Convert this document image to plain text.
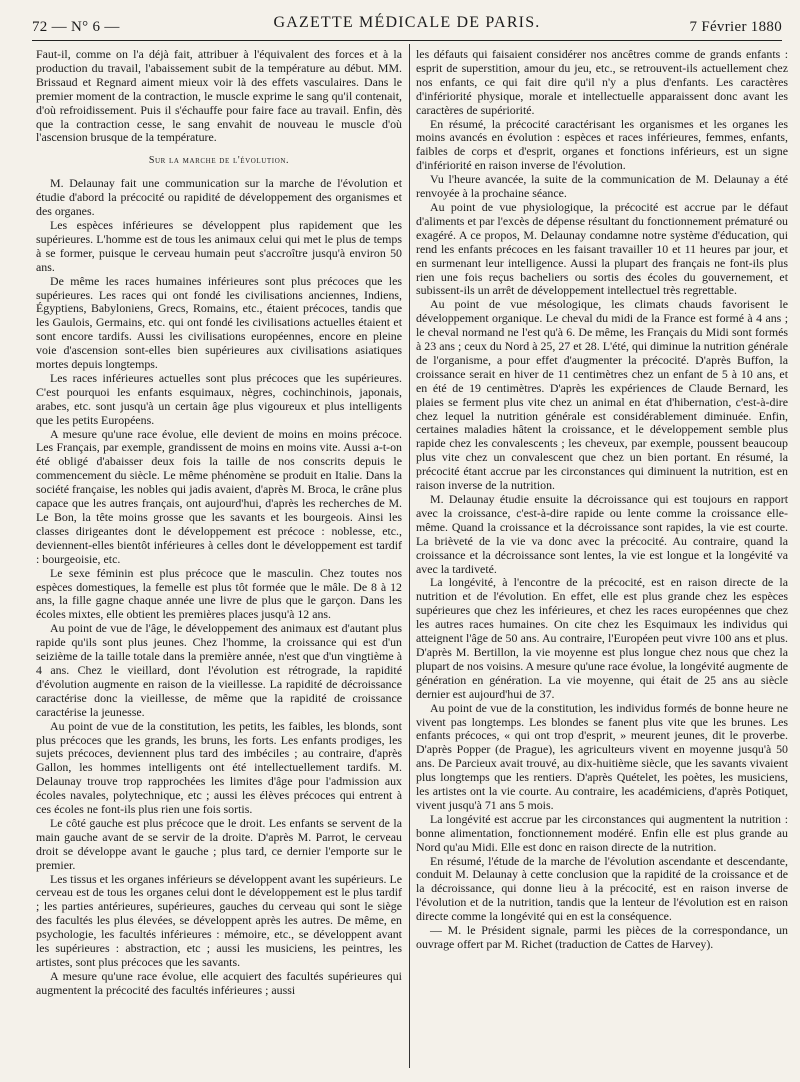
72 — N° 6 —	GAZETTE MÉDICALE DE PARIS.	7 Février 1880

Faut-il, comme on l'a déjà fait, attribuer à l'équivalent des forces et à la production du travail, l'abaissement subit de la température au début. MM. Brissaud et Regnard aiment mieux voir là des effets vasculaires. Dans le premier moment de la contraction, le muscle exprime le sang qu'il contenait, d'où refroidissement. Puis il s'échauffe pour faire face au travail. Enfin, dès que la contraction cesse, le sang envahit de nouveau le muscle d'où l'ascension brusque de la température.

Sur la marche de l'évolution.

M. Delaunay fait une communication sur la marche de l'évolution et étudie d'abord la précocité ou rapidité de développement des organismes et des organes.

Les espèces inférieures se développent plus rapidement que les supérieures. L'homme est de tous les animaux celui qui met le plus de temps à se former, puisque le cerveau humain peut s'accroître jusqu'à environ 50 ans.

De même les races humaines inférieures sont plus précoces que les supérieures. Les races qui ont fondé les civilisations anciennes, Indiens, Égyptiens, Babyloniens, Grecs, Romains, etc., étaient précoces, tandis que les Gaulois, Germains, etc. qui ont fondé les civilisations actuelles étaient et sont encore tardifs. Aussi les civilisations européennes, encore en pleine voie d'ascension sont-elles bien supérieures aux civilisations asiatiques mortes depuis longtemps.

Les races inférieures actuelles sont plus précoces que les supérieures. C'est pourquoi les enfants esquimaux, nègres, cochinchinois, japonais, arabes, etc. sont jusqu'à un certain âge plus vigoureux et plus intelligents que les petits Européens.

A mesure qu'une race évolue, elle devient de moins en moins précoce. Les Français, par exemple, grandissent de moins en moins vite. Aussi a-t-on été obligé d'abaisser deux fois la taille de nos conscrits depuis le commencement du siècle. Le même phénomène se produit en Italie. Dans la société française, les nobles qui jadis avaient, d'après M. Broca, le crâne plus capace que les autres français, ont aujourd'hui, d'après les recherches de M. Le Bon, la tête moins grosse que les savants et les bourgeois. Ainsi les classes dirigeantes dont le développement est précoce : noblesse, etc., deviennent-elles bientôt inférieures à celles dont le développement est tardif : bourgeoisie, etc.

Le sexe féminin est plus précoce que le masculin. Chez toutes nos espèces domestiques, la femelle est plus tôt formée que le mâle. De 8 à 12 ans, la fille gagne chaque année une livre de plus que le garçon. Dans les écoles mixtes, elle obtient les premières places jusqu'à 12 ans.

Au point de vue de l'âge, le développement des animaux est d'autant plus rapide qu'ils sont plus jeunes. Chez l'homme, la croissance qui est d'un seizième de la taille totale dans la première année, n'est que d'un vingtième à 4 ans. Chez le vieillard, dont l'évolution est rétrograde, la rapidité d'évolution augmente en raison de la vieillesse. La rapidité de décroissance caractérise donc la vieillesse, de même que la rapidité de croissance caractérise la jeunesse.

Au point de vue de la constitution, les petits, les faibles, les blonds, sont plus précoces que les grands, les bruns, les forts. Les enfants prodiges, les sujets précoces, deviennent plus tard des imbéciles ; au contraire, d'après Gallon, les hommes intelligents ont été intellectuellement tardifs. M. Delaunay trouve trop rapprochées les limites d'âge pour l'admission aux écoles navales, polytechnique, etc ; aussi les élèves précoces qui entrent à ces écoles ne font-ils plus rien une fois sortis.

Le côté gauche est plus précoce que le droit. Les enfants se servent de la main gauche avant de se servir de la droite. D'après M. Parrot, le cerveau droit se développe avant le gauche ; plus tard, ce dernier l'emporte sur le premier.

Les tissus et les organes inférieurs se développent avant les supérieurs. Le cerveau est de tous les organes celui dont le développement est le plus tardif ; les parties antérieures, supérieures, gauches du cerveau qui sont le siège des facultés les plus élevées, se développent après les autres. De même, en psychologie, les facultés inférieures : mémoire, etc., se développent avant les supérieures : abstraction, etc ; aussi les musiciens, les peintres, les artistes, sont plus précoces que les savants.

A mesure qu'une race évolue, elle acquiert des facultés supérieures qui augmentent la précocité des facultés inférieures ; aussi

les défauts qui faisaient considérer nos ancêtres comme de grands enfants : esprit de superstition, amour du jeu, etc., se retrouvent-ils actuellement chez nos enfants, ce qui fait dire qu'il n'y a plus d'enfants. Les caractères d'infériorité physique, morale et intellectuelle apparaissent donc avant les caractères de supériorité.

En résumé, la précocité caractérisant les organismes et les organes les moins avancés en évolution : espèces et races inférieures, femmes, enfants, faibles de corps et d'esprit, organes et fonctions inférieurs, est un signe d'infériorité en raison inverse de l'évolution.

Vu l'heure avancée, la suite de la communication de M. Delaunay a été renvoyée à la prochaine séance.

Au point de vue physiologique, la précocité est accrue par le défaut d'aliments et par l'excès de dépense résultant du fonctionnement prématuré ou exagéré. A ce propos, M. Delaunay condamne notre système d'éducation, qui rend les enfants précoces en les faisant travailler 10 et 11 heures par jour, et en surmenant leur intelligence. Aussi la plupart des français ne font-ils plus rien une fois reçus bacheliers ou sortis des écoles du gouvernement, et subissent-ils un arrêt de développement intellectuel très regrettable.

Au point de vue mésologique, les climats chauds favorisent le développement organique. Le cheval du midi de la France est formé à 4 ans ; le cheval normand ne l'est qu'à 6. De même, les Français du Midi sont formés à 23 ans ; ceux du Nord à 25, 27 et 28. L'été, qui diminue la nutrition générale de l'organisme, a pour effet d'augmenter la précocité. D'après Buffon, la croissance serait en hiver de 11 centimètres chez un enfant de 5 à 10 ans, et en été de 19 centimètres. D'après les expériences de Claude Bernard, les plaies se ferment plus vite chez un animal en état d'hibernation, c'est-à-dire chez lequel la nutrition générale est considérablement diminuée. Enfin, certaines maladies hâtent la croissance, et le développement semble plus rapide chez les convalescents ; les cheveux, par exemple, poussent beaucoup plus vite chez un convalescent que chez un bien portant. En résumé, la précocité étant accrue par les circonstances qui diminuent la nutrition, est en raison inverse de la nutrition.

M. Delaunay étudie ensuite la décroissance qui est toujours en rapport avec la croissance, c'est-à-dire rapide ou lente comme la croissance elle-même. Quand la croissance et la décroissance sont rapides, la vie est courte. La brièveté de la vie va donc avec la précocité. Au contraire, quand la croissance et la décroissance sont lentes, la vie est longue et la longévité va avec la tardiveté.

La longévité, à l'encontre de la précocité, est en raison directe de la nutrition et de l'évolution. En effet, elle est plus grande chez les espèces supérieures que chez les inférieures, et chez les races européennes que chez les autres races humaines. On cite chez les Esquimaux les individus qui atteignent l'âge de 50 ans. Au contraire, l'Européen peut vivre 100 ans et plus. D'après M. Bertillon, la vie moyenne est plus longue chez nous que chez la plupart de nos voisins. A mesure qu'une race évolue, la longévité augmente de génération en génération. La vie moyenne, qui était de 25 ans au siècle dernier est aujourd'hui de 37.

Au point de vue de la constitution, les individus formés de bonne heure ne vivent pas longtemps. Les blondes se fanent plus vite que les brunes. Les enfants précoces, « qui ont trop d'esprit, » meurent jeunes, dit le proverbe. D'après Popper (de Prague), les agriculteurs vivent en moyenne jusqu'à 50 ans. De Parcieux avait trouvé, au dix-huitième siècle, que les savants vivaient plus longtemps que les rentiers. D'après Quételet, les poètes, les musiciens, les artistes ont la vie courte. Au contraire, les académiciens, d'après Potiquet, vivent jusqu'à 71 ans 5 mois.

La longévité est accrue par les circonstances qui augmentent la nutrition : bonne alimentation, fonctionnement modéré. Enfin elle est plus grande au Nord qu'au Midi. Elle est donc en raison directe de la nutrition.

En résumé, l'étude de la marche de l'évolution ascendante et descendante, conduit M. Delaunay à cette conclusion que la rapidité de la croissance et de la décroissance, qui donne lieu à la précocité, est en raison inverse de l'évolution et de la nutrition, tandis que la lenteur de l'évolution est en raison directe comme la longévité qui en est la conséquence.

— M. le Président signale, parmi les pièces de la correspondance, un ouvrage offert par M. Richet (traduction de Cattes de Harvey).
